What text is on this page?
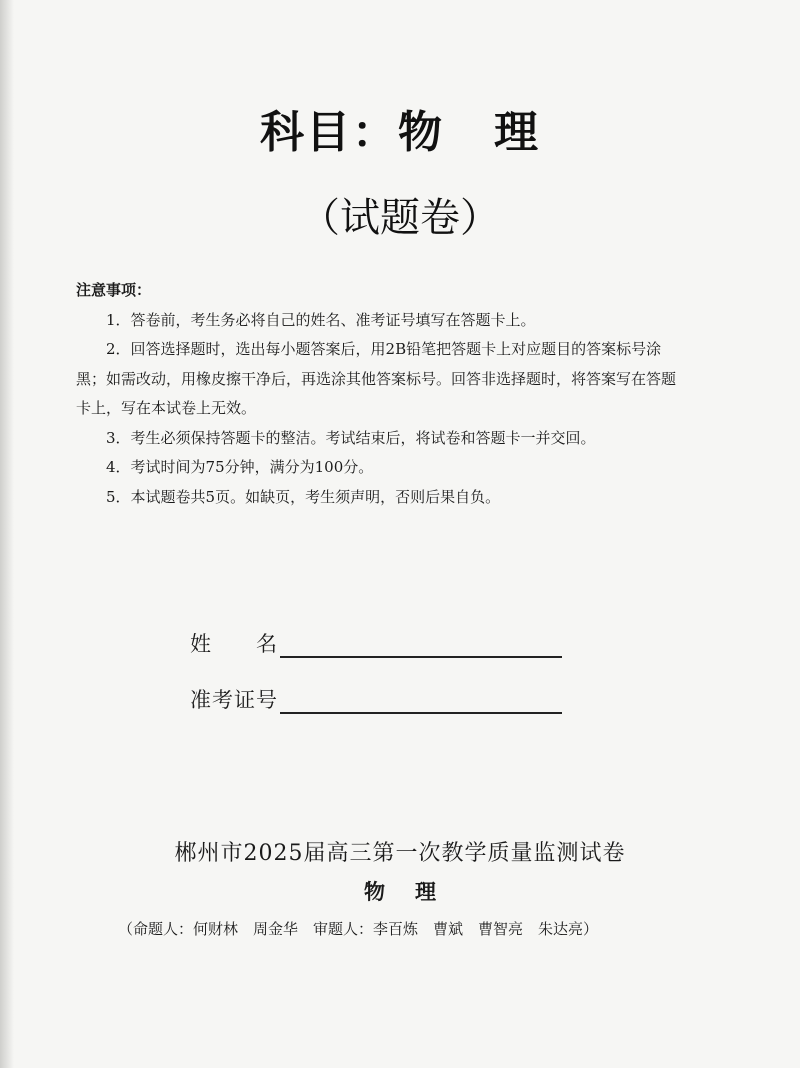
科目：物 理
（试题卷）
注意事项：

1．答卷前，考生务必将自己的姓名、准考证号填写在答题卡上。

2．回答选择题时，选出每小题答案后，用2B铅笔把答题卡上对应题目的答案标号涂黑；如需改动，用橡皮擦干净后，再选涂其他答案标号。回答非选择题时，将答案写在答题卡上，写在本试卷上无效。

3．考生必须保持答题卡的整洁。考试结束后，将试卷和答题卡一并交回。

4．考试时间为75分钟，满分为100分。

5．本试题卷共5页。如缺页，考生须声明，否则后果自负。

姓　　名
准考证号
郴州市2025届高三第一次教学质量监测试卷
物 理
（命题人：何财林　周金华　审题人：李百炼　曹斌　曹智亮　朱达亮）
